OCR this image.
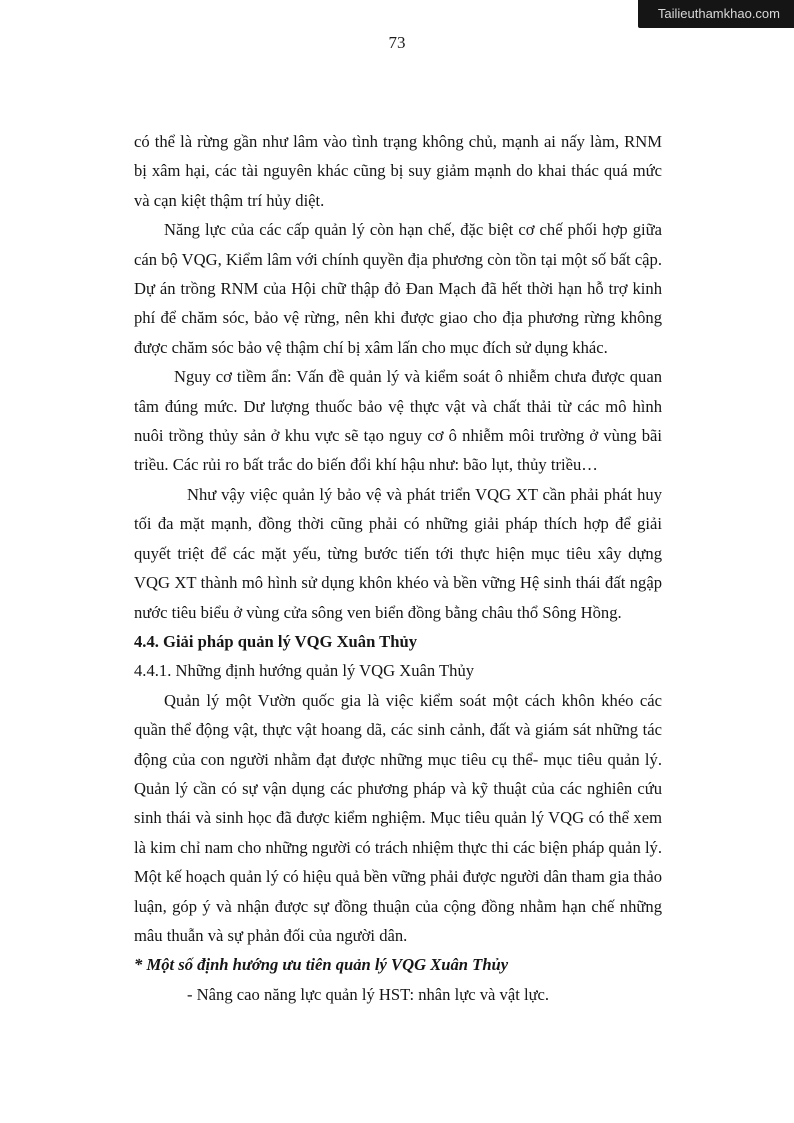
Tailieuthamkhao.com
73

có thể là rừng gần như lâm vào tình trạng không chủ, mạnh ai nấy làm, RNM bị xâm hại, các tài nguyên khác cũng bị suy giảm mạnh do khai thác quá mức và cạn kiệt thậm trí hủy diệt.

Năng lực của các cấp quản lý còn hạn chế, đặc biệt cơ chế phối hợp giữa cán bộ VQG, Kiểm lâm với chính quyền địa phương còn tồn tại một số bất cập. Dự án trồng RNM của Hội chữ thập đỏ Đan Mạch đã hết thời hạn hỗ trợ kinh phí để chăm sóc, bảo vệ rừng, nên khi được giao cho địa phương rừng không được chăm sóc bảo vệ thậm chí bị xâm lấn cho mục đích sử dụng khác.

Nguy cơ tiềm ẩn: Vấn đề quản lý và kiểm soát ô nhiễm chưa được quan tâm đúng mức. Dư lượng thuốc bảo vệ thực vật và chất thải từ các mô hình nuôi trồng thủy sản ở khu vực sẽ tạo nguy cơ ô nhiễm môi trường ở vùng bãi triều. Các rủi ro bất trắc do biến đổi khí hậu như: bão lụt, thủy triều…

Như vậy việc quản lý bảo vệ và phát triển VQG XT cần phải phát huy tối đa mặt mạnh, đồng thời cũng phải có những giải pháp thích hợp để giải quyết triệt để các mặt yếu, từng bước tiến tới thực hiện mục tiêu xây dựng VQG XT thành mô hình sử dụng khôn khéo và bền vững Hệ sinh thái đất ngập nước tiêu biểu ở vùng cửa sông ven biển đồng bằng châu thổ Sông Hồng.

4.4. Giải pháp quản lý VQG Xuân Thủy

4.4.1. Những định hướng quản lý VQG Xuân Thủy

Quản lý một Vườn quốc gia là việc kiểm soát một cách khôn khéo các quần thể động vật, thực vật hoang dã, các sinh cảnh, đất và giám sát những tác động của con người nhằm đạt được những mục tiêu cụ thể- mục tiêu quản lý. Quản lý cần có sự vận dụng các phương pháp và kỹ thuật của các nghiên cứu sinh thái và sinh học đã được kiểm nghiệm. Mục tiêu quản lý VQG có thể xem là kim chỉ nam cho những người có trách nhiệm thực thi các biện pháp quản lý. Một kế hoạch quản lý có hiệu quả bền vững phải được người dân tham gia thảo luận, góp ý và nhận được sự đồng thuận của cộng đồng nhằm hạn chế những mâu thuẫn và sự phản đối của người dân.

* Một số định hướng ưu tiên quản lý VQG Xuân Thủy

- Nâng cao năng lực quản lý HST: nhân lực và vật lực.
